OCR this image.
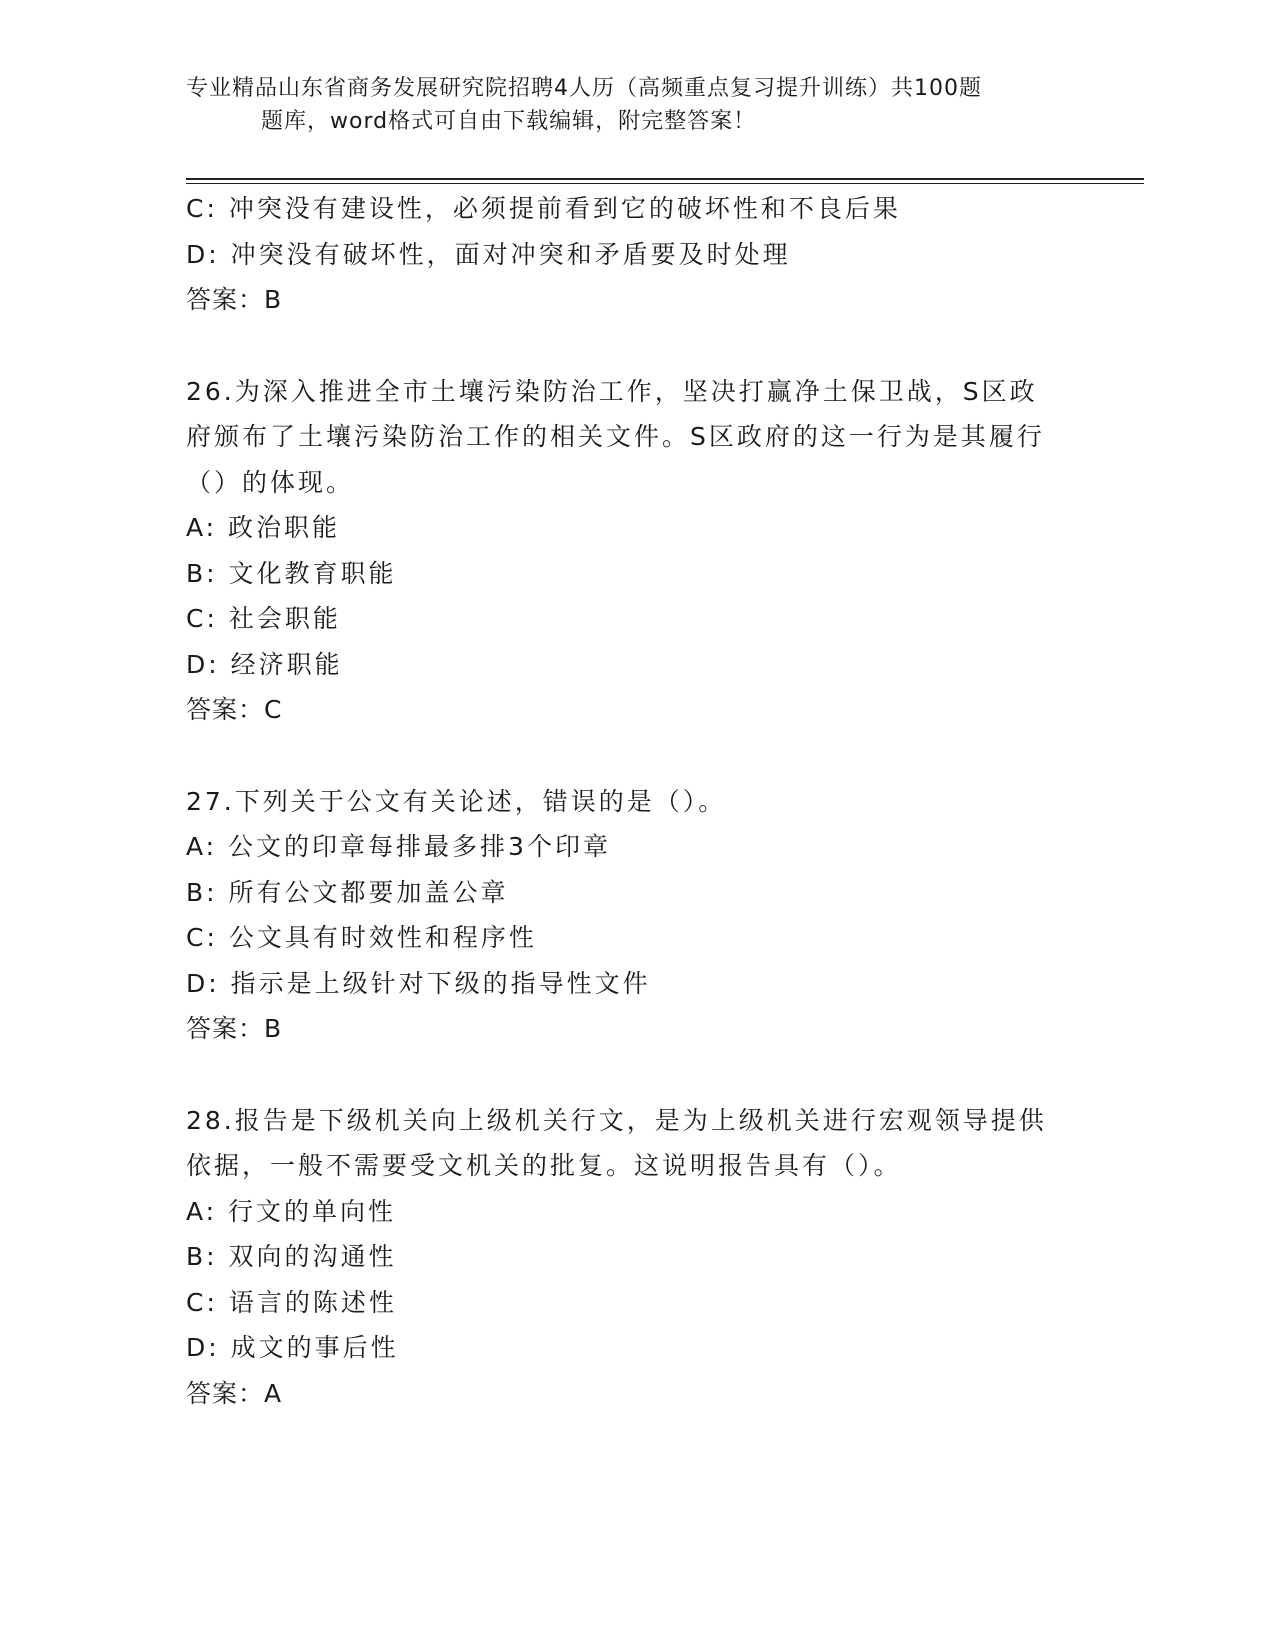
专业精品山东省商务发展研究院招聘4人历（高频重点复习提升训练）共100题
题库，word格式可自由下载编辑，附完整答案！
C: 冲突没有建设性，必须提前看到它的破坏性和不良后果
D: 冲突没有破坏性，面对冲突和矛盾要及时处理
答案：B
26.为深入推进全市土壤污染防治工作，坚决打赢净土保卫战，S区政
府颁布了土壤污染防治工作的相关文件。S区政府的这一行为是其履行
（）的体现。
A: 政治职能
B: 文化教育职能
C: 社会职能
D: 经济职能
答案：C
27.下列关于公文有关论述，错误的是（）。
A: 公文的印章每排最多排3个印章
B: 所有公文都要加盖公章
C: 公文具有时效性和程序性
D: 指示是上级针对下级的指导性文件
答案：B
28.报告是下级机关向上级机关行文，是为上级机关进行宏观领导提供
依据，一般不需要受文机关的批复。这说明报告具有（）。
A: 行文的单向性
B: 双向的沟通性
C: 语言的陈述性
D: 成文的事后性
答案：A
